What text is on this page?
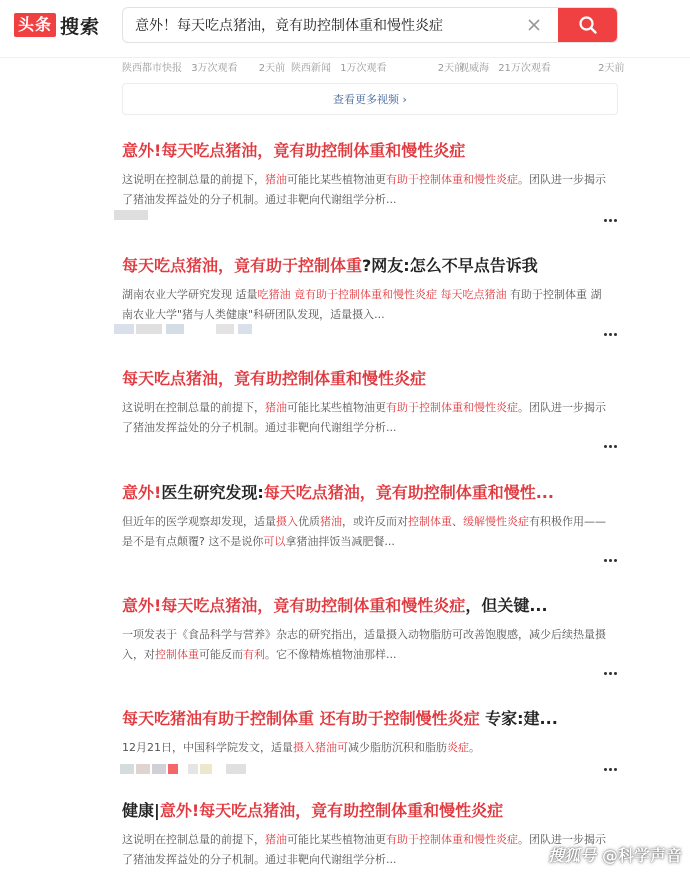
头条 搜索
意外！每天吃点猪油，竟有助控制体重和慢性炎症
陕西都市快报 3万次观看 2天前 陕西新闻 1万次观看	2天前
观威海 21万次观看	2天前
查看更多视频 ›
意外!每天吃点猪油，竟有助控制体重和慢性炎症
这说明在控制总量的前提下，猪油可能比某些植物油更有助于控制体重和慢性炎症。团队进一步揭示了猪油发挥益处的分子机制。通过非靶向代谢组学分析...
每天吃点猪油，竟有助于控制体重?网友:怎么不早点告诉我
湖南农业大学研究发现 适量吃猪油 竟有助于控制体重和慢性炎症 每天吃点猪油 有助于控制体重 湖南农业大学"猪与人类健康"科研团队发现，适量摄入...
每天吃点猪油，竟有助控制体重和慢性炎症
这说明在控制总量的前提下，猪油可能比某些植物油更有助于控制体重和慢性炎症。团队进一步揭示了猪油发挥益处的分子机制。通过非靶向代谢组学分析...
意外!医生研究发现:每天吃点猪油，竟有助控制体重和慢性...
但近年的医学观察却发现，适量摄入优质猪油，或许反而对控制体重、缓解慢性炎症有积极作用——是不是有点颠覆? 这不是说你可以拿猪油拌饭当减肥餐...
意外!每天吃点猪油，竟有助控制体重和慢性炎症，但关键...
一项发表于《食品科学与营养》杂志的研究指出，适量摄入动物脂肪可改善饱腹感，减少后续热量摄入，对控制体重可能反而有利。它不像精炼植物油那样...
每天吃猪油有助于控制体重 还有助于控制慢性炎症 专家:建...
12月21日，中国科学院发文，适量摄入猪油可减少脂肪沉积和脂肪炎症。
健康|意外!每天吃点猪油，竟有助控制体重和慢性炎症
这说明在控制总量的前提下，猪油可能比某些植物油更有助于控制体重和慢性炎症。团队进一步揭示了猪油发挥益处的分子机制。通过非靶向代谢组学分析...	搜狐号 @科学声音
